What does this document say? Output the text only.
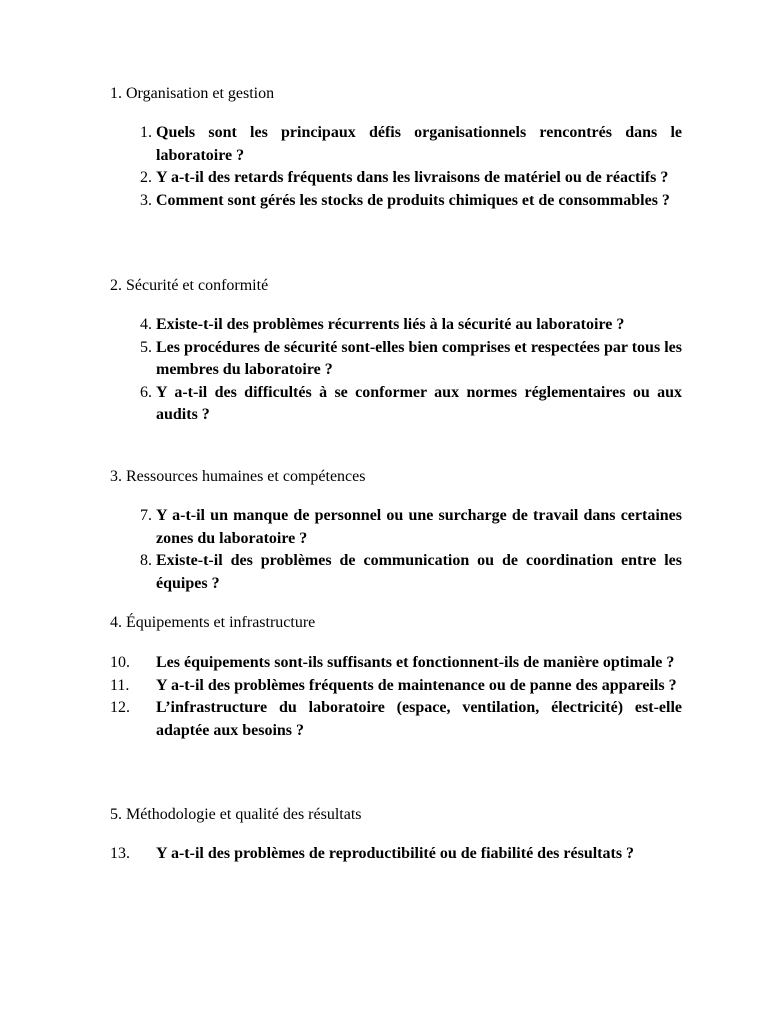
1. Organisation et gestion
1. Quels sont les principaux défis organisationnels rencontrés dans le laboratoire ?
2. Y a-t-il des retards fréquents dans les livraisons de matériel ou de réactifs ?
3. Comment sont gérés les stocks de produits chimiques et de consommables ?
2. Sécurité et conformité
4. Existe-t-il des problèmes récurrents liés à la sécurité au laboratoire ?
5. Les procédures de sécurité sont-elles bien comprises et respectées par tous les membres du laboratoire ?
6. Y a-t-il des difficultés à se conformer aux normes réglementaires ou aux audits ?
3. Ressources humaines et compétences
7. Y a-t-il un manque de personnel ou une surcharge de travail dans certaines zones du laboratoire ?
8. Existe-t-il des problèmes de communication ou de coordination entre les équipes ?
4. Équipements et infrastructure
10.	Les équipements sont-ils suffisants et fonctionnent-ils de manière optimale ?
11.	Y a-t-il des problèmes fréquents de maintenance ou de panne des appareils ?
12.	L’infrastructure du laboratoire (espace, ventilation, électricité) est-elle adaptée aux besoins ?
5. Méthodologie et qualité des résultats
13.	Y a-t-il des problèmes de reproductibilité ou de fiabilité des résultats ?
